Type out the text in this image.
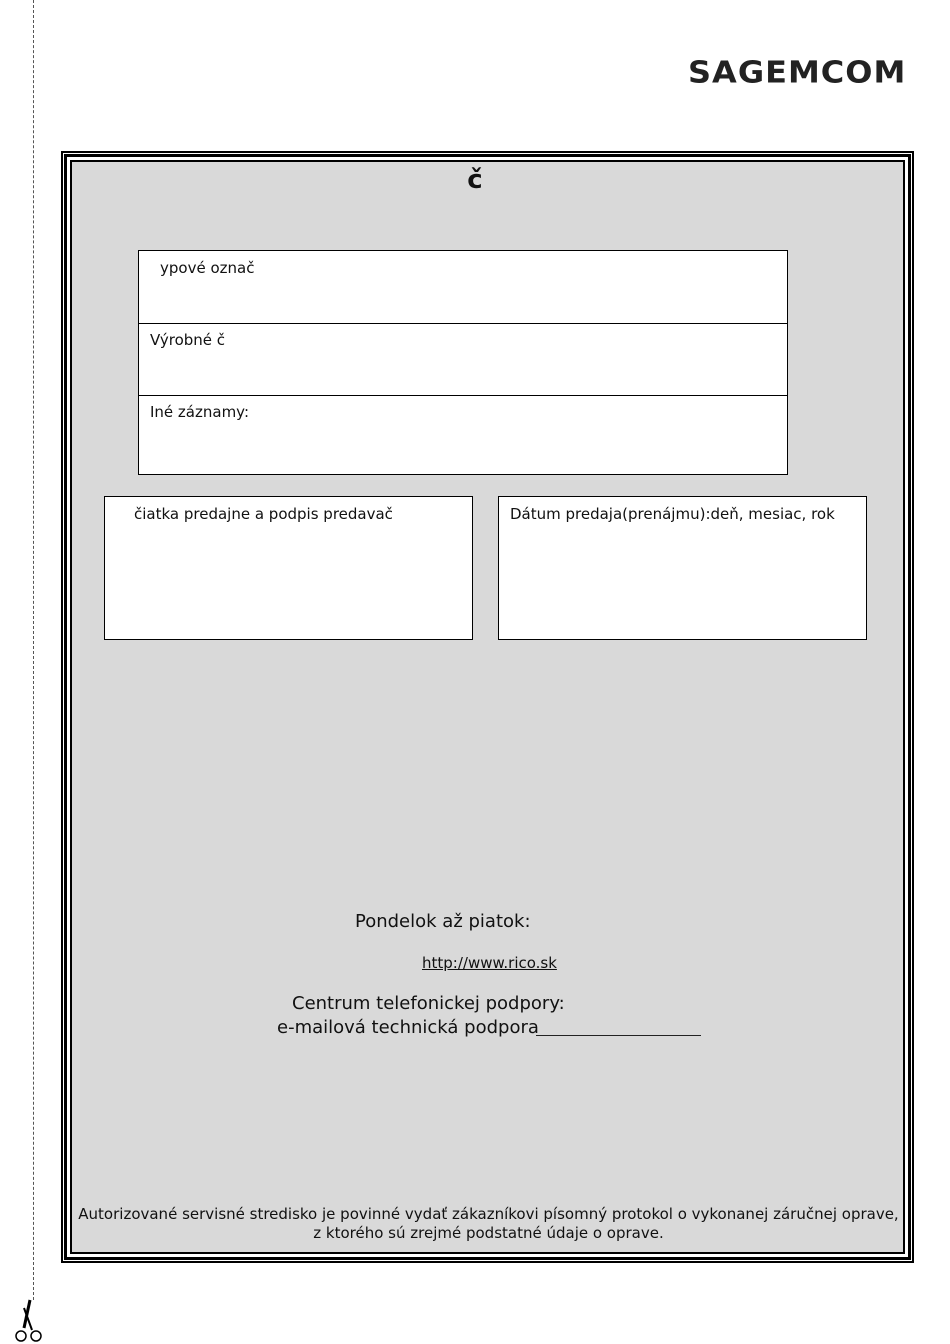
SAGEMCOM
č
ypové označ
Výrobné č
Iné záznamy:
čiatka predajne a podpis predavač	Dátum predaja(prenájmu):deň, mesiac, rok
Pondelok až piatok:
http://www.rico.sk
Centrum telefonickej podpory:
e-mailová technická podpora
Autorizované servisné stredisko je povinné vydať zákazníkovi písomný protokol o vykonanej záručnej oprave,
z ktorého sú zrejmé podstatné údaje o oprave.
